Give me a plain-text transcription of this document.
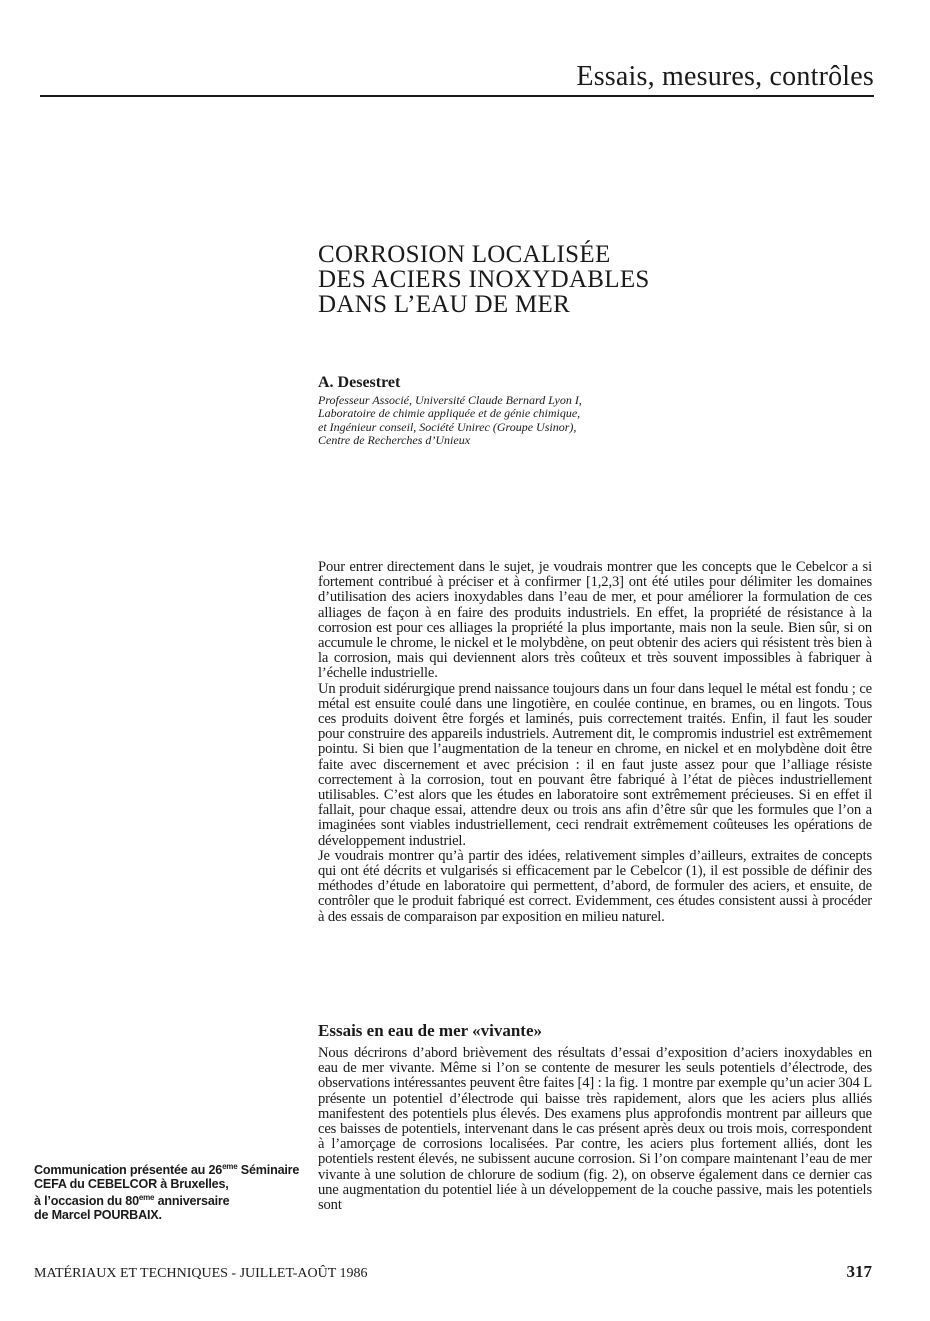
Essais, mesures, contrôles
CORROSION LOCALISÉE
DES ACIERS INOXYDABLES
DANS L’EAU DE MER
A. Desestret
Professeur Associé, Université Claude Bernard Lyon I,
Laboratoire de chimie appliquée et de génie chimique,
et Ingénieur conseil, Société Unirec (Groupe Usinor),
Centre de Recherches d’Unieux

Pour entrer directement dans le sujet, je voudrais montrer que les concepts que le Cebelcor a si fortement contribué à préciser et à confirmer [1,2,3] ont été utiles pour délimiter les domaines d’utilisation des aciers inoxydables dans l’eau de mer, et pour améliorer la formulation de ces alliages de façon à en faire des produits industriels. En effet, la propriété de résistance à la corrosion est pour ces alliages la propriété la plus importante, mais non la seule. Bien sûr, si on accumule le chrome, le nickel et le molybdène, on peut obtenir des aciers qui résistent très bien à la corrosion, mais qui deviennent alors très coûteux et très souvent impossibles à fabriquer à l’échelle industrielle.

Un produit sidérurgique prend naissance toujours dans un four dans lequel le métal est fondu ; ce métal est ensuite coulé dans une lingotière, en coulée continue, en brames, ou en lingots. Tous ces produits doivent être forgés et laminés, puis correctement traités. Enfin, il faut les souder pour construire des appareils industriels. Autrement dit, le compromis industriel est extrêmement pointu. Si bien que l’augmentation de la teneur en chrome, en nickel et en molybdène doit être faite avec discernement et avec précision : il en faut juste assez pour que l’alliage résiste correctement à la corrosion, tout en pouvant être fabriqué à l’état de pièces industriellement utilisables. C’est alors que les études en laboratoire sont extrêmement précieuses. Si en effet il fallait, pour chaque essai, attendre deux ou trois ans afin d’être sûr que les formules que l’on a imaginées sont viables industriellement, ceci rendrait extrêmement coûteuses les opérations de développement industriel.

Je voudrais montrer qu’à partir des idées, relativement simples d’ailleurs, extraites de concepts qui ont été décrits et vulgarisés si efficacement par le Cebelcor (1), il est possible de définir des méthodes d’étude en laboratoire qui permettent, d’abord, de formuler des aciers, et ensuite, de contrôler que le produit fabriqué est correct. Evidemment, ces études consistent aussi à procéder à des essais de comparaison par exposition en milieu naturel.

Essais en eau de mer «vivante»

Nous décrirons d’abord brièvement des résultats d’essai d’exposition d’aciers inoxydables en eau de mer vivante. Même si l’on se contente de mesurer les seuls potentiels d’électrode, des observations intéressantes peuvent être faites [4] : la fig. 1 montre par exemple qu’un acier 304 L présente un potentiel d’électrode qui baisse très rapidement, alors que les aciers plus alliés manifestent des potentiels plus élevés. Des examens plus approfondis montrent par ailleurs que ces baisses de potentiels, intervenant dans le cas présent après deux ou trois mois, correspondent à l’amorçage de corrosions localisées. Par contre, les aciers plus fortement alliés, dont les potentiels restent élevés, ne subissent aucune corrosion. Si l’on compare maintenant l’eau de mer vivante à une solution de chlorure de sodium (fig. 2), on observe également dans ce dernier cas une augmentation du potentiel liée à un développement de la couche passive, mais les potentiels sont

Communication présentée au 26eme Séminaire
CEFA du CEBELCOR à Bruxelles,
à l’occasion du 80eme anniversaire
de Marcel POURBAIX.
MATÉRIAUX ET TECHNIQUES - JUILLET-AOÛT 1986	317
